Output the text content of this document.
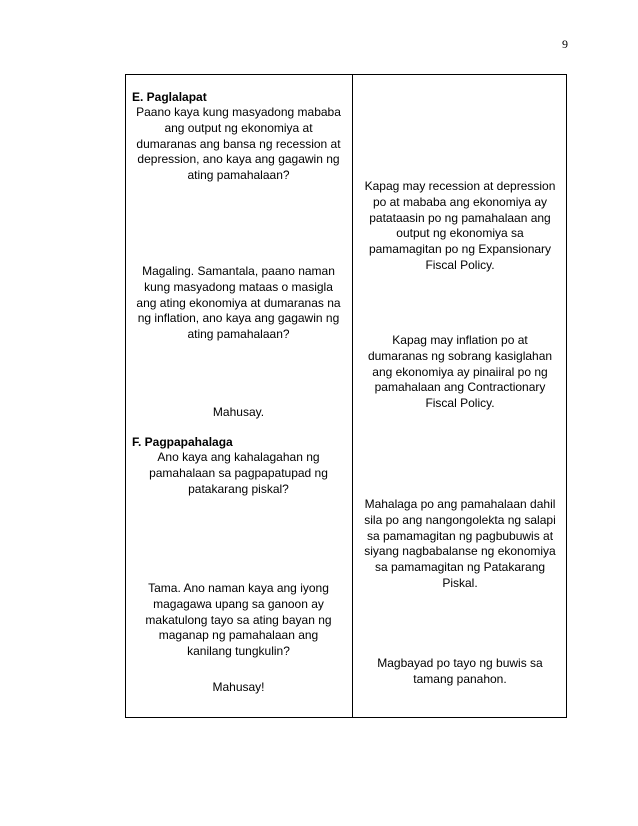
9
E. Paglalapat
Paano kaya kung masyadong mababa
ang output ng ekonomiya at
dumaranas ang bansa ng recession at
depression, ano kaya ang gagawin ng
ating pamahalaan?
Kapag may recession at depression
po at mababa ang ekonomiya ay
patataasin po ng pamahalaan ang
output ng ekonomiya sa
pamamagitan po ng Expansionary
Fiscal Policy.
Magaling. Samantala, paano naman
kung masyadong mataas o masigla
ang ating ekonomiya at dumaranas na
ng inflation, ano kaya ang gagawin ng
ating pamahalaan?	Kapag may inflation po at
dumaranas ng sobrang kasiglahan
ang ekonomiya ay pinaiiral po ng
pamahalaan ang Contractionary
Fiscal Policy.
Mahusay.
F. Pagpapahalaga
Ano kaya ang kahalagahan ng
pamahalaan sa pagpapatupad ng
patakarang piskal?
Mahalaga po ang pamahalaan dahil
sila po ang nangongolekta ng salapi
sa pamamagitan ng pagbubuwis at
siyang nagbabalanse ng ekonomiya
sa pamamagitan ng Patakarang
Piskal.
Tama. Ano naman kaya ang iyong
magagawa upang sa ganoon ay
makatulong tayo sa ating bayan ng
maganap ng pamahalaan ang
kanilang tungkulin?
Magbayad po tayo ng buwis sa
tamang panahon.
Mahusay!
